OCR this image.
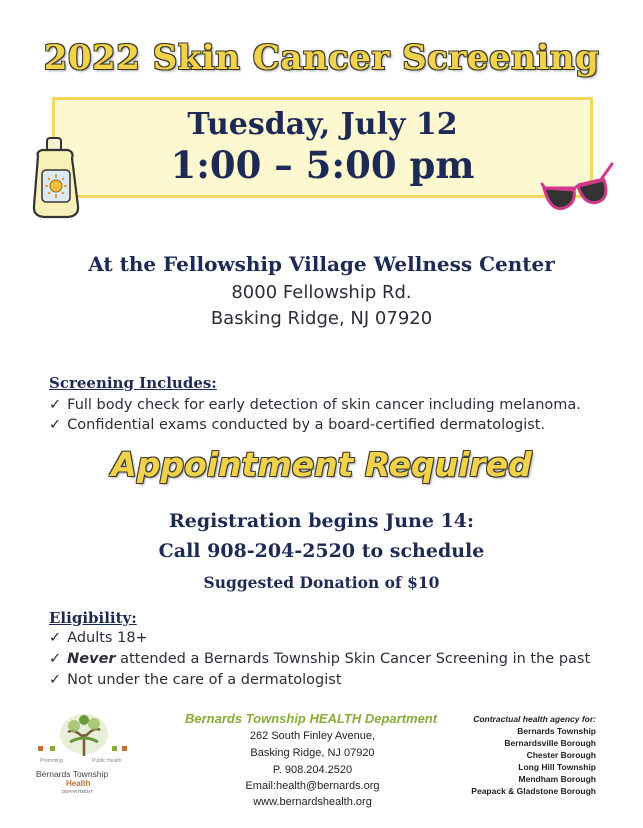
2022 Skin Cancer Screening
Tuesday, July 12
1:00 – 5:00 pm
At the Fellowship Village Wellness Center
8000 Fellowship Rd.
Basking Ridge, NJ 07920
Screening Includes:
✓ Full body check for early detection of skin cancer including melanoma.
✓ Confidential exams conducted by a board-certified dermatologist.
Appointment Required
Registration begins June 14:
Call 908-204-2520 to schedule
Suggested Donation of $10
Eligibility:
✓ Adults 18+
✓ Never attended a Bernards Township Skin Cancer Screening in the past
✓ Not under the care of a dermatologist
Promoting	Public Health
Bernards Township
Health
DEPARTMENT
Bernards Township HEALTH Department
262 South Finley Avenue,
Basking Ridge, NJ 07920
P. 908.204.2520
Email:health@bernards.org
www.bernardshealth.org
Contractual health agency for:
Bernards Township
Bernardsville Borough
Chester Borough
Long Hill Township
Mendham Borough
Peapack & Gladstone Borough
